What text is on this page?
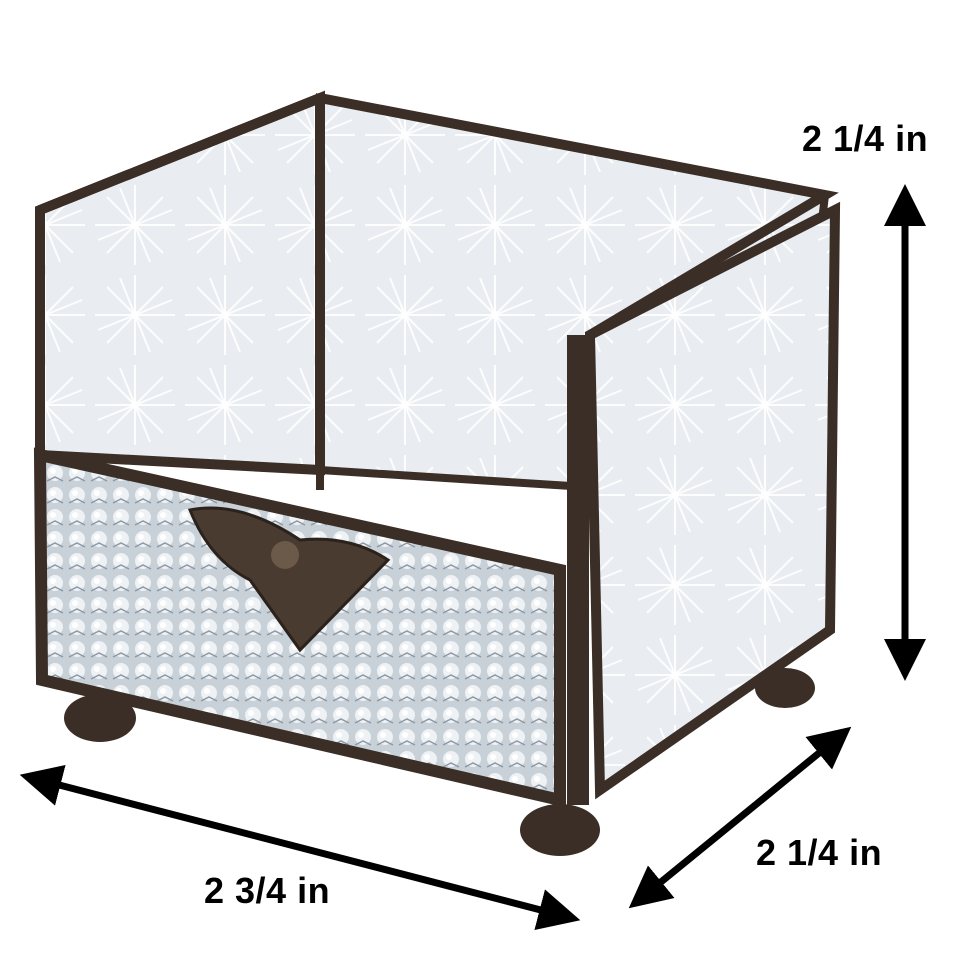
2 1/4 in
2 1/4 in
2 3/4 in
